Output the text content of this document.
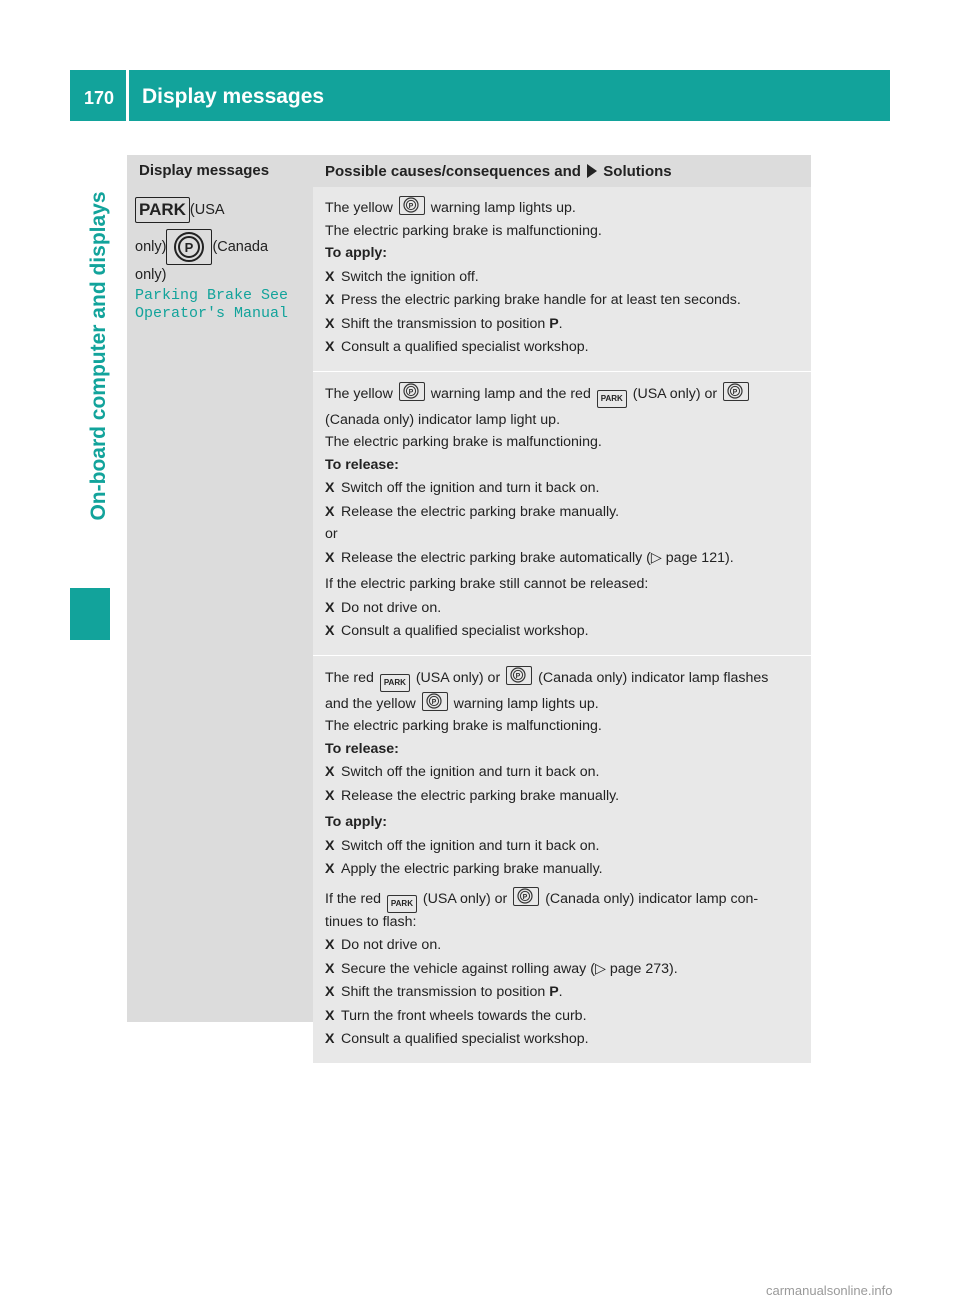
170 Display messages
On-board computer and displays
Display messages	Possible causes/consequences and Solutions
PARK (USA
only) P (Canada
only)
Parking Brake See
Operator's Manual

The yellow P warning lamp lights up.

The electric parking brake is malfunctioning.

To apply:

X Switch the ignition off.
X Press the electric parking brake handle for at least ten seconds.
X Shift the transmission to position P.
X Consult a qualified specialist workshop.

The yellow P warning lamp and the red PARK (USA only) or P

(Canada only) indicator lamp light up.

The electric parking brake is malfunctioning.

To release:

X Switch off the ignition and turn it back on.
X Release the electric parking brake manually.

or

X Release the electric parking brake automatically (▷ page 121).

If the electric parking brake still cannot be released:

X Do not drive on.
X Consult a qualified specialist workshop.

The red PARK (USA only) or P (Canada only) indicator lamp flashes

and the yellow P warning lamp lights up.

The electric parking brake is malfunctioning.

To release:

X Switch off the ignition and turn it back on.
X Release the electric parking brake manually.

To apply:

X Switch off the ignition and turn it back on.
X Apply the electric parking brake manually.

If the red PARK (USA only) or P (Canada only) indicator lamp con-

tinues to flash:

X Do not drive on.
X Secure the vehicle against rolling away (▷ page 273).
X Shift the transmission to position P.
X Turn the front wheels towards the curb.
X Consult a qualified specialist workshop.
carmanualsonline.info
